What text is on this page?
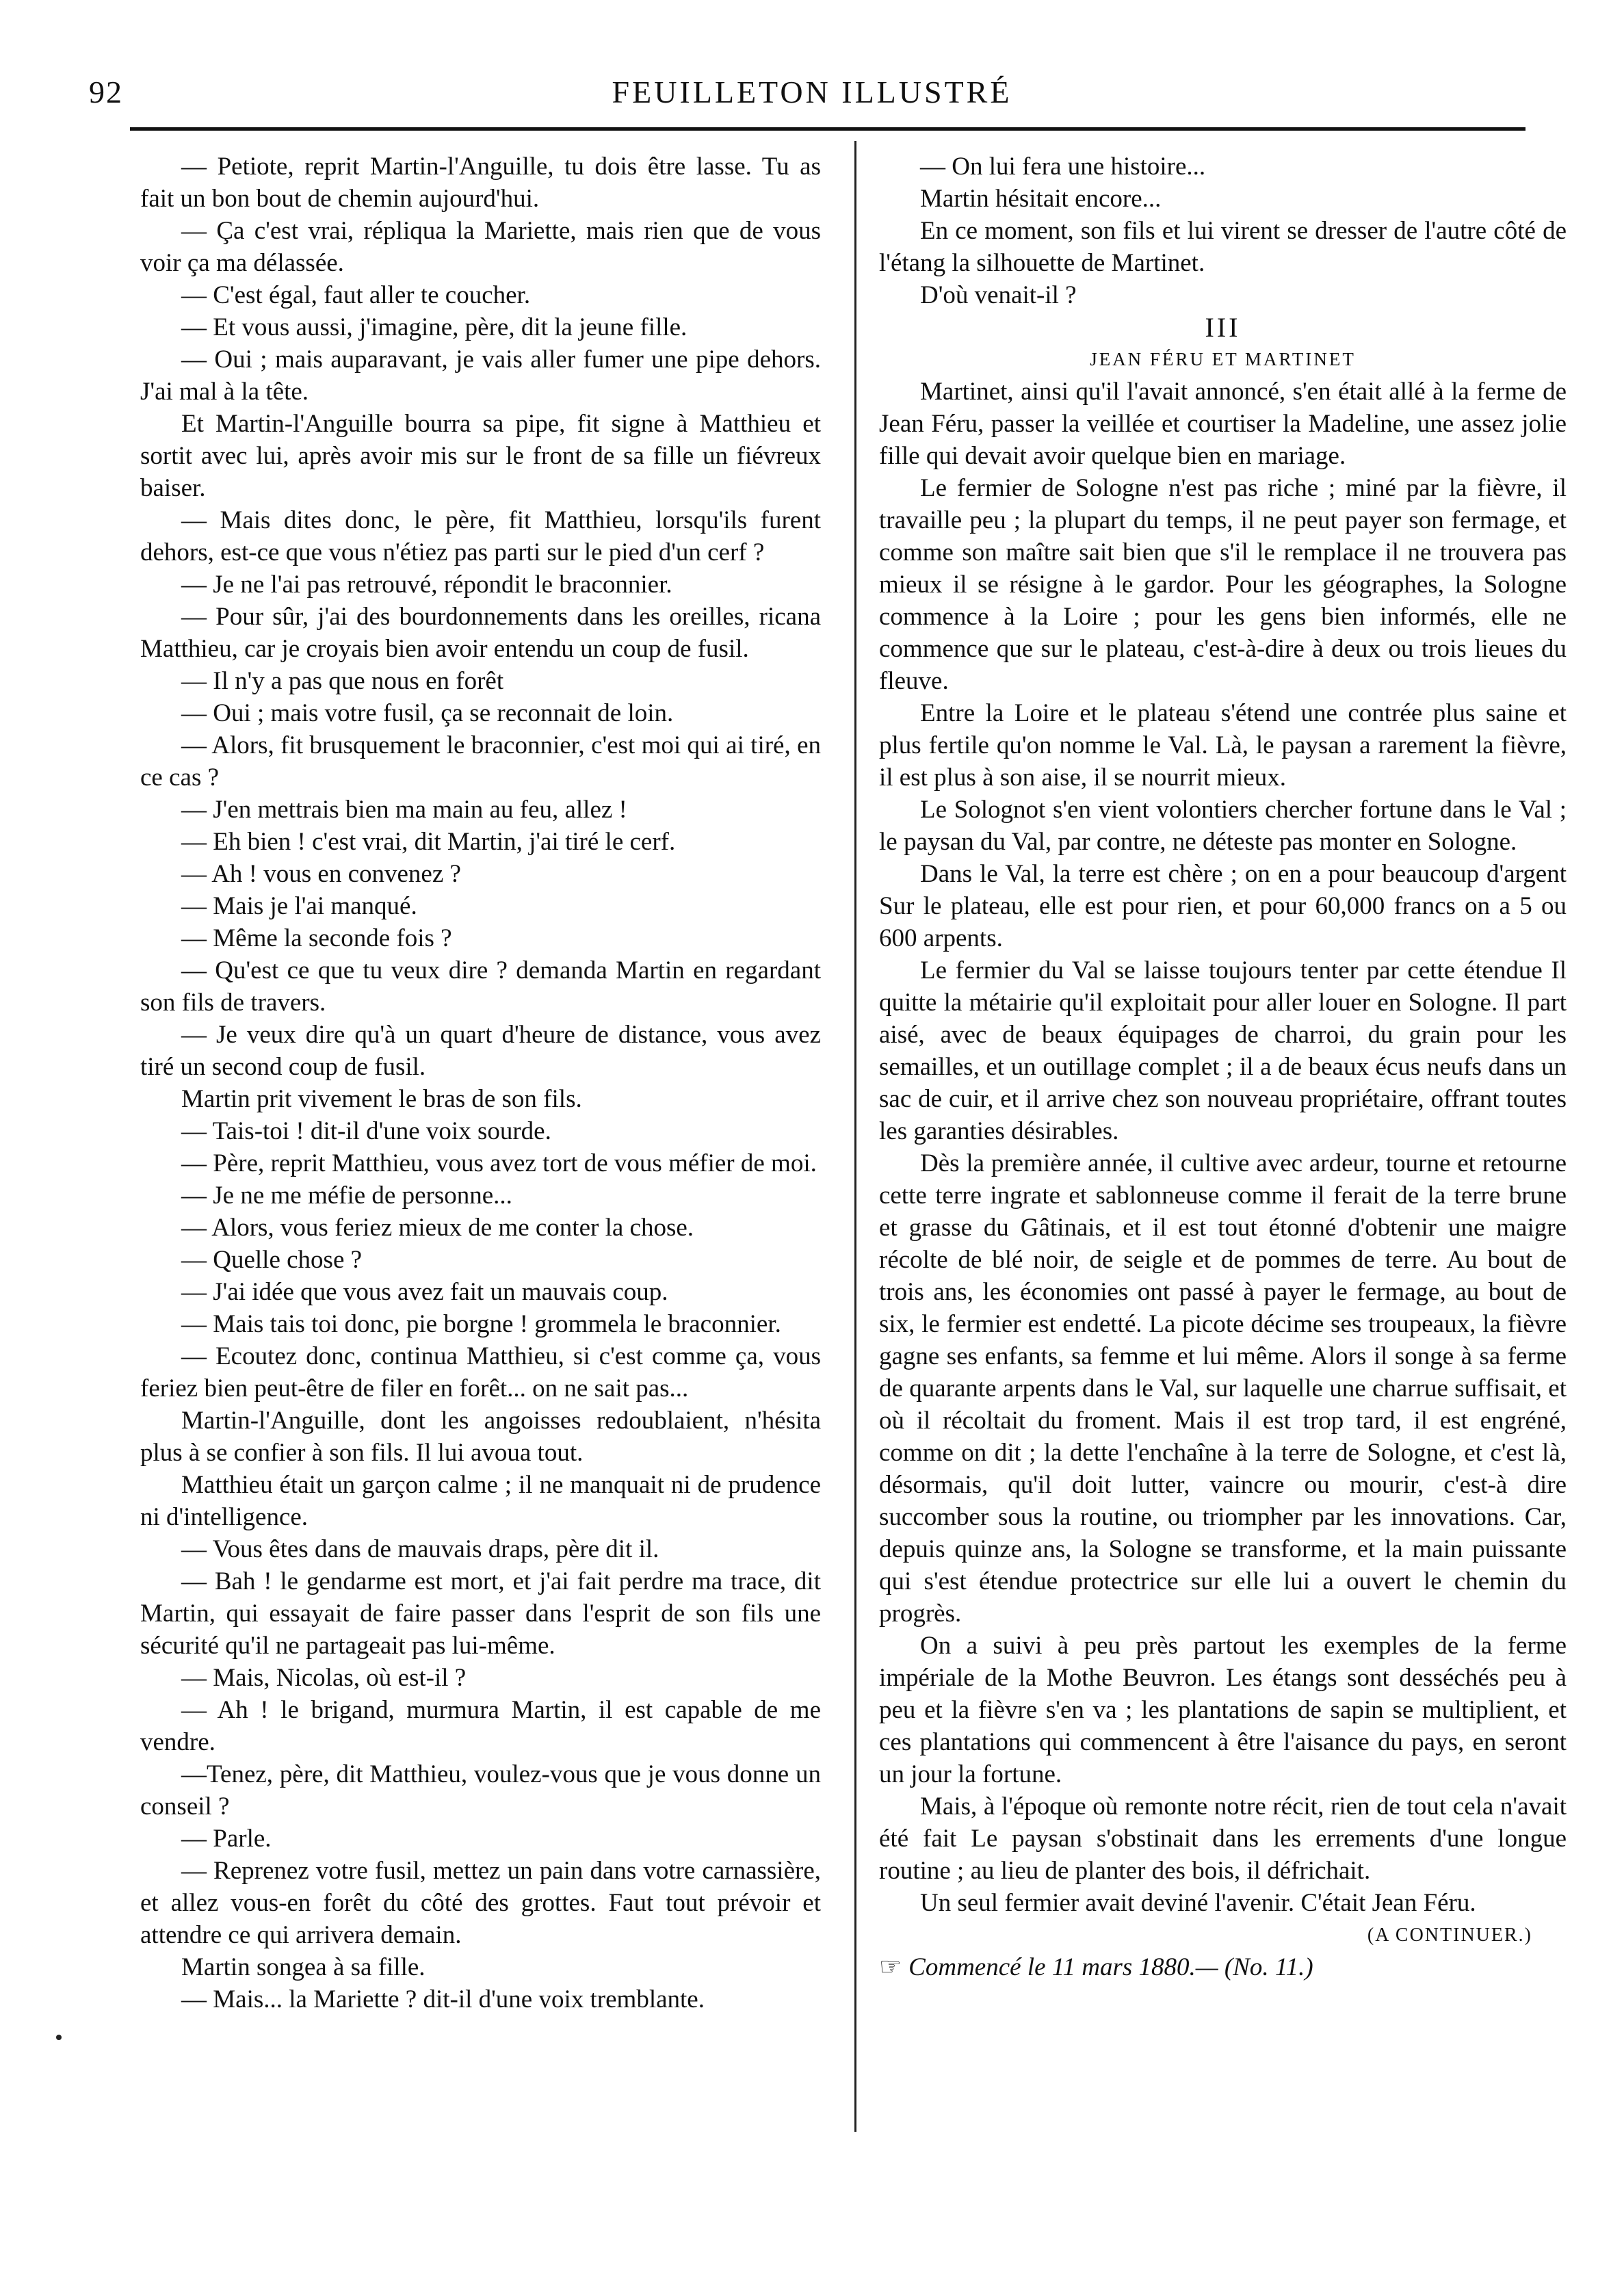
92	FEUILLETON ILLUSTRÉ

— Petiote, reprit Martin-l'Anguille, tu dois être lasse. Tu as fait un bon bout de chemin aujourd'hui.

— Ça c'est vrai, répliqua la Mariette, mais rien que de vous voir ça ma délassée.

— C'est égal, faut aller te coucher.

— Et vous aussi, j'imagine, père, dit la jeune fille.

— Oui ; mais auparavant, je vais aller fumer une pipe dehors. J'ai mal à la tête.

Et Martin-l'Anguille bourra sa pipe, fit signe à Matthieu et sortit avec lui, après avoir mis sur le front de sa fille un fiévreux baiser.

— Mais dites donc, le père, fit Matthieu, lorsqu'ils furent dehors, est-ce que vous n'étiez pas parti sur le pied d'un cerf ?

— Je ne l'ai pas retrouvé, répondit le braconnier.

— Pour sûr, j'ai des bourdonnements dans les oreilles, ricana Matthieu, car je croyais bien avoir entendu un coup de fusil.

— Il n'y a pas que nous en forêt

— Oui ; mais votre fusil, ça se reconnait de loin.

— Alors, fit brusquement le braconnier, c'est moi qui ai tiré, en ce cas ?

— J'en mettrais bien ma main au feu, allez !

— Eh bien ! c'est vrai, dit Martin, j'ai tiré le cerf.

— Ah ! vous en convenez ?

— Mais je l'ai manqué.

— Même la seconde fois ?

— Qu'est ce que tu veux dire ? demanda Martin en regardant son fils de travers.

— Je veux dire qu'à un quart d'heure de distance, vous avez tiré un second coup de fusil.

Martin prit vivement le bras de son fils.

— Tais-toi ! dit-il d'une voix sourde.

— Père, reprit Matthieu, vous avez tort de vous méfier de moi.

— Je ne me méfie de personne...

— Alors, vous feriez mieux de me conter la chose.

— Quelle chose ?

— J'ai idée que vous avez fait un mauvais coup.

— Mais tais toi donc, pie borgne ! grommela le braconnier.

— Ecoutez donc, continua Matthieu, si c'est comme ça, vous feriez bien peut-être de filer en forêt... on ne sait pas...

Martin-l'Anguille, dont les angoisses redoublaient, n'hésita plus à se confier à son fils. Il lui avoua tout.

Matthieu était un garçon calme ; il ne manquait ni de prudence ni d'intelligence.

— Vous êtes dans de mauvais draps, père dit il.

— Bah ! le gendarme est mort, et j'ai fait perdre ma trace, dit Martin, qui essayait de faire passer dans l'esprit de son fils une sécurité qu'il ne partageait pas lui-même.

— Mais, Nicolas, où est-il ?

— Ah ! le brigand, murmura Martin, il est capable de me vendre.

—Tenez, père, dit Matthieu, voulez-vous que je vous donne un conseil ?

— Parle.

— Reprenez votre fusil, mettez un pain dans votre carnassière, et allez vous-en forêt du côté des grottes. Faut tout prévoir et attendre ce qui arrivera demain.

Martin songea à sa fille.

— Mais... la Mariette ? dit-il d'une voix tremblante.

— On lui fera une histoire...

Martin hésitait encore...

En ce moment, son fils et lui virent se dresser de l'autre côté de l'étang la silhouette de Martinet.

D'où venait-il ?

III

JEAN FÉRU ET MARTINET

Martinet, ainsi qu'il l'avait annoncé, s'en était allé à la ferme de Jean Féru, passer la veillée et courtiser la Madeline, une assez jolie fille qui devait avoir quelque bien en mariage.

Le fermier de Sologne n'est pas riche ; miné par la fièvre, il travaille peu ; la plupart du temps, il ne peut payer son fermage, et comme son maître sait bien que s'il le remplace il ne trouvera pas mieux il se résigne à le gardor. Pour les géographes, la Sologne commence à la Loire ; pour les gens bien informés, elle ne commence que sur le plateau, c'est-à-dire à deux ou trois lieues du fleuve.

Entre la Loire et le plateau s'étend une contrée plus saine et plus fertile qu'on nomme le Val. Là, le paysan a rarement la fièvre, il est plus à son aise, il se nourrit mieux.

Le Solognot s'en vient volontiers chercher fortune dans le Val ; le paysan du Val, par contre, ne déteste pas monter en Sologne.

Dans le Val, la terre est chère ; on en a pour beaucoup d'argent Sur le plateau, elle est pour rien, et pour 60,000 francs on a 5 ou 600 arpents.

Le fermier du Val se laisse toujours tenter par cette étendue Il quitte la métairie qu'il exploitait pour aller louer en Sologne. Il part aisé, avec de beaux équipages de charroi, du grain pour les semailles, et un outillage complet ; il a de beaux écus neufs dans un sac de cuir, et il arrive chez son nouveau propriétaire, offrant toutes les garanties désirables.

Dès la première année, il cultive avec ardeur, tourne et retourne cette terre ingrate et sablonneuse comme il ferait de la terre brune et grasse du Gâtinais, et il est tout étonné d'obtenir une maigre récolte de blé noir, de seigle et de pommes de terre. Au bout de trois ans, les économies ont passé à payer le fermage, au bout de six, le fermier est endetté. La picote décime ses troupeaux, la fièvre gagne ses enfants, sa femme et lui même. Alors il songe à sa ferme de quarante arpents dans le Val, sur laquelle une charrue suffisait, et où il récoltait du froment. Mais il est trop tard, il est engréné, comme on dit ; la dette l'enchaîne à la terre de Sologne, et c'est là, désormais, qu'il doit lutter, vaincre ou mourir, c'est-à dire succomber sous la routine, ou triompher par les innovations. Car, depuis quinze ans, la Sologne se transforme, et la main puissante qui s'est étendue protectrice sur elle lui a ouvert le chemin du progrès.

On a suivi à peu près partout les exemples de la ferme impériale de la Mothe Beuvron. Les étangs sont desséchés peu à peu et la fièvre s'en va ; les plantations de sapin se multiplient, et ces plantations qui commencent à être l'aisance du pays, en seront un jour la fortune.

Mais, à l'époque où remonte notre récit, rien de tout cela n'avait été fait Le paysan s'obstinait dans les errements d'une longue routine ; au lieu de planter des bois, il défrichait.

Un seul fermier avait deviné l'avenir. C'était Jean Féru.

(A CONTINUER.)

☞ Commencé le 11 mars 1880.— (No. 11.)
